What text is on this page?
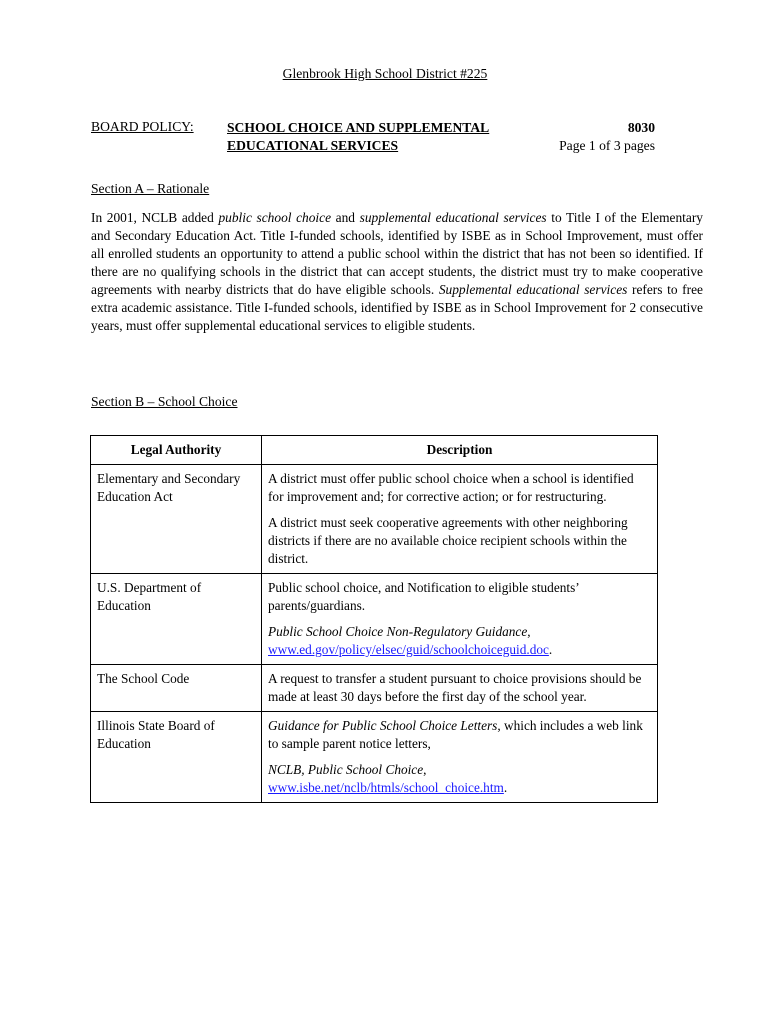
Glenbrook High School District #225
BOARD POLICY: SCHOOL CHOICE AND SUPPLEMENTAL
EDUCATIONAL SERVICES
8030
Page 1 of 3 pages
Section A – Rationale
In 2001, NCLB added public school choice and supplemental educational services to Title I of the Elementary and Secondary Education Act. Title I-funded schools, identified by ISBE as in School Improvement, must offer all enrolled students an opportunity to attend a public school within the district that has not been so identified. If there are no qualifying schools in the district that can accept students, the district must try to make cooperative agreements with nearby districts that do have eligible schools. Supplemental educational services refers to free extra academic assistance. Title I-funded schools, identified by ISBE as in School Improvement for 2 consecutive years, must offer supplemental educational services to eligible students.
Section B – School Choice
Legal Authority	Description
Elementary and Secondary Education Act	A district must offer public school choice when a school is identified for improvement and; for corrective action; or for restructuring.

A district must seek cooperative agreements with other neighboring districts if there are no available choice recipient schools within the district.

U.S. Department of Education	Public school choice, and Notification to eligible students’ parents/guardians.

Public School Choice Non-Regulatory Guidance,
www.ed.gov/policy/elsec/guid/schoolchoiceguid.doc.

The School Code	A request to transfer a student pursuant to choice provisions should be made at least 30 days before the first day of the school year.

Illinois State Board of Education	Guidance for Public School Choice Letters, which includes a web link to sample parent notice letters,

NCLB, Public School Choice,
www.isbe.net/nclb/htmls/school_choice.htm.
